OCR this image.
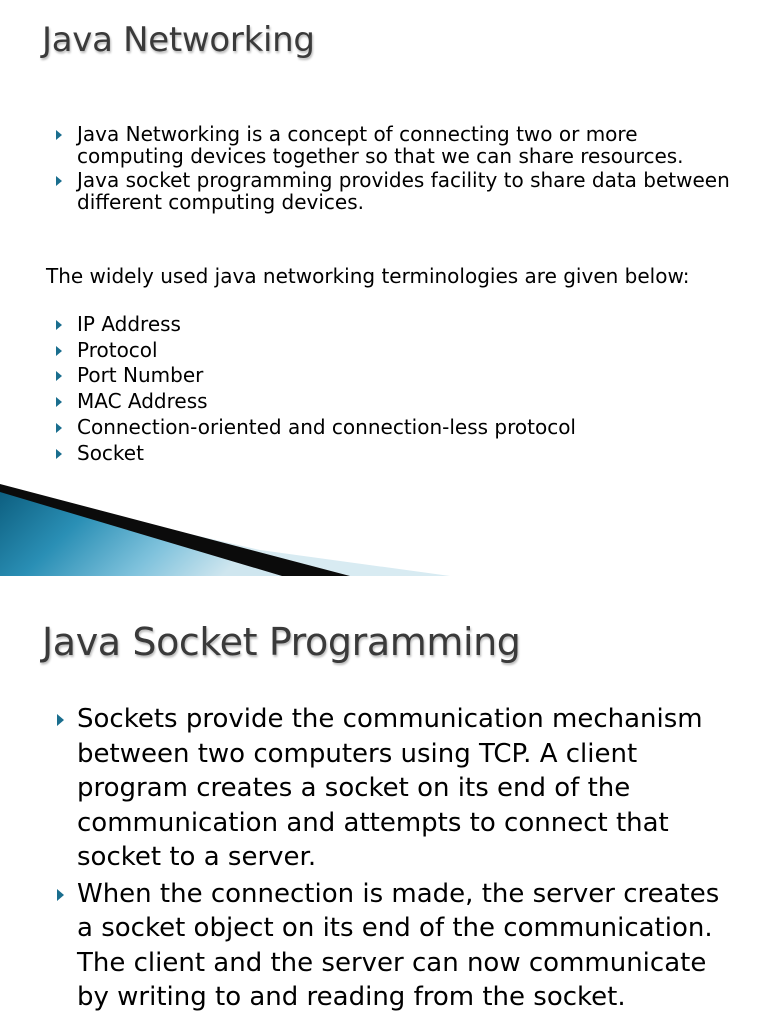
Java Networking
Java Networking is a concept of connecting two or more computing devices together so that we can share resources.
Java socket programming provides facility to share data between different computing devices.

The widely used java networking terminologies are given below:

IP Address
Protocol
Port Number
MAC Address
Connection-oriented and connection-less protocol
Socket
Java Socket Programming
Sockets provide the communication mechanism between two computers using TCP. A client program creates a socket on its end of the communication and attempts to connect that socket to a server.
When the connection is made, the server creates a socket object on its end of the communication. The client and the server can now communicate by writing to and reading from the socket.
